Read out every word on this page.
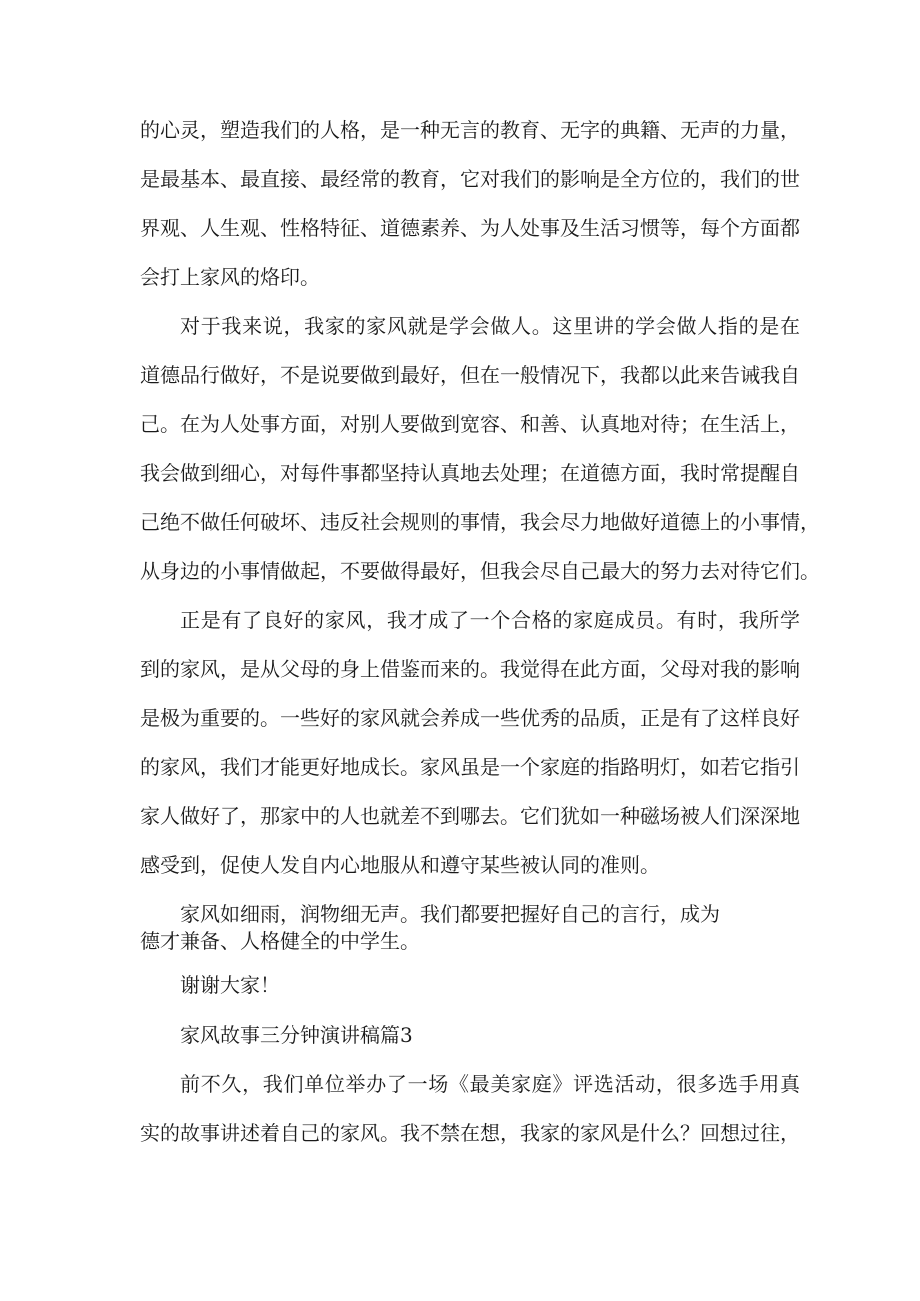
的心灵，塑造我们的人格，是一种无言的教育、无字的典籍、无声的力量，
是最基本、最直接、最经常的教育，它对我们的影响是全方位的，我们的世
界观、人生观、性格特征、道德素养、为人处事及生活习惯等，每个方面都
会打上家风的烙印。
对于我来说，我家的家风就是学会做人。这里讲的学会做人指的是在
道德品行做好，不是说要做到最好，但在一般情况下，我都以此来告诫我自
己。在为人处事方面，对别人要做到宽容、和善、认真地对待；在生活上，
我会做到细心，对每件事都坚持认真地去处理；在道德方面，我时常提醒自
己绝不做任何破坏、违反社会规则的事情，我会尽力地做好道德上的小事情，
从身边的小事情做起，不要做得最好，但我会尽自己最大的努力去对待它们。
正是有了良好的家风，我才成了一个合格的家庭成员。有时，我所学
到的家风，是从父母的身上借鉴而来的。我觉得在此方面，父母对我的影响
是极为重要的。一些好的家风就会养成一些优秀的品质，正是有了这样良好
的家风，我们才能更好地成长。家风虽是一个家庭的指路明灯，如若它指引
家人做好了，那家中的人也就差不到哪去。它们犹如一种磁场被人们深深地
感受到，促使人发自内心地服从和遵守某些被认同的准则。
家风如细雨，润物细无声。我们都要把握好自己的言行，成为
德才兼备、人格健全的中学生。
谢谢大家！
家风故事三分钟演讲稿篇3
前不久，我们单位举办了一场《最美家庭》评选活动，很多选手用真
实的故事讲述着自己的家风。我不禁在想，我家的家风是什么？回想过往，
